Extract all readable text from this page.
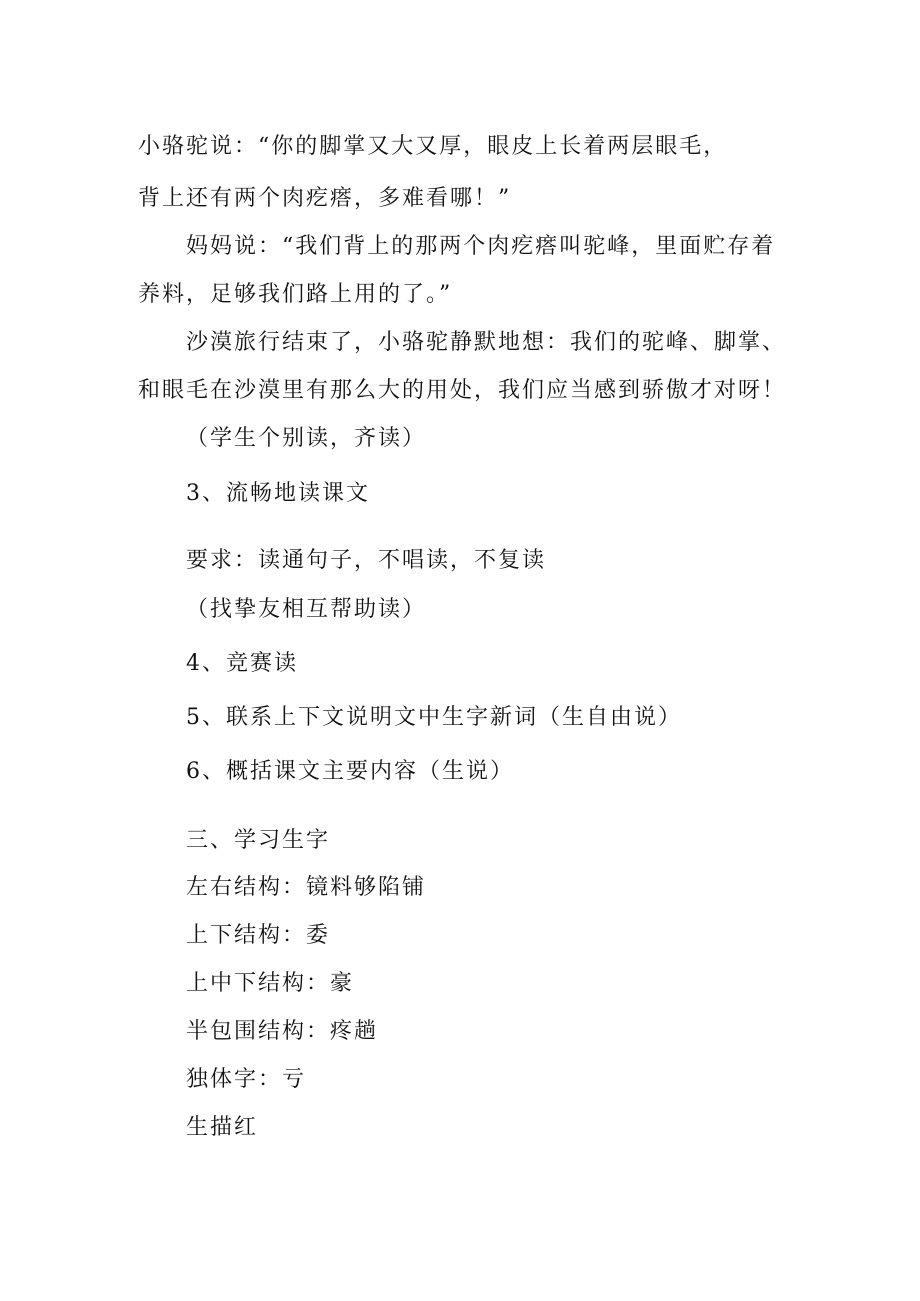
小骆驼说：“你的脚掌又大又厚，眼皮上长着两层眼毛，
背上还有两个肉疙瘩，多难看哪！”
妈妈说：“我们背上的那两个肉疙瘩叫驼峰，里面贮存着
养料，足够我们路上用的了。”
沙漠旅行结束了，小骆驼静默地想：我们的驼峰、脚掌、
和眼毛在沙漠里有那么大的用处，我们应当感到骄傲才对呀！
（学生个别读，齐读）
3、流畅地读课文
要求：读通句子，不唱读，不复读
（找挚友相互帮助读）
4、竞赛读
5、联系上下文说明文中生字新词（生自由说）
6、概括课文主要内容（生说）
三、学习生字
左右结构：镜料够陷铺
上下结构：委
上中下结构：豪
半包围结构：疼趟
独体字：亏
生描红
